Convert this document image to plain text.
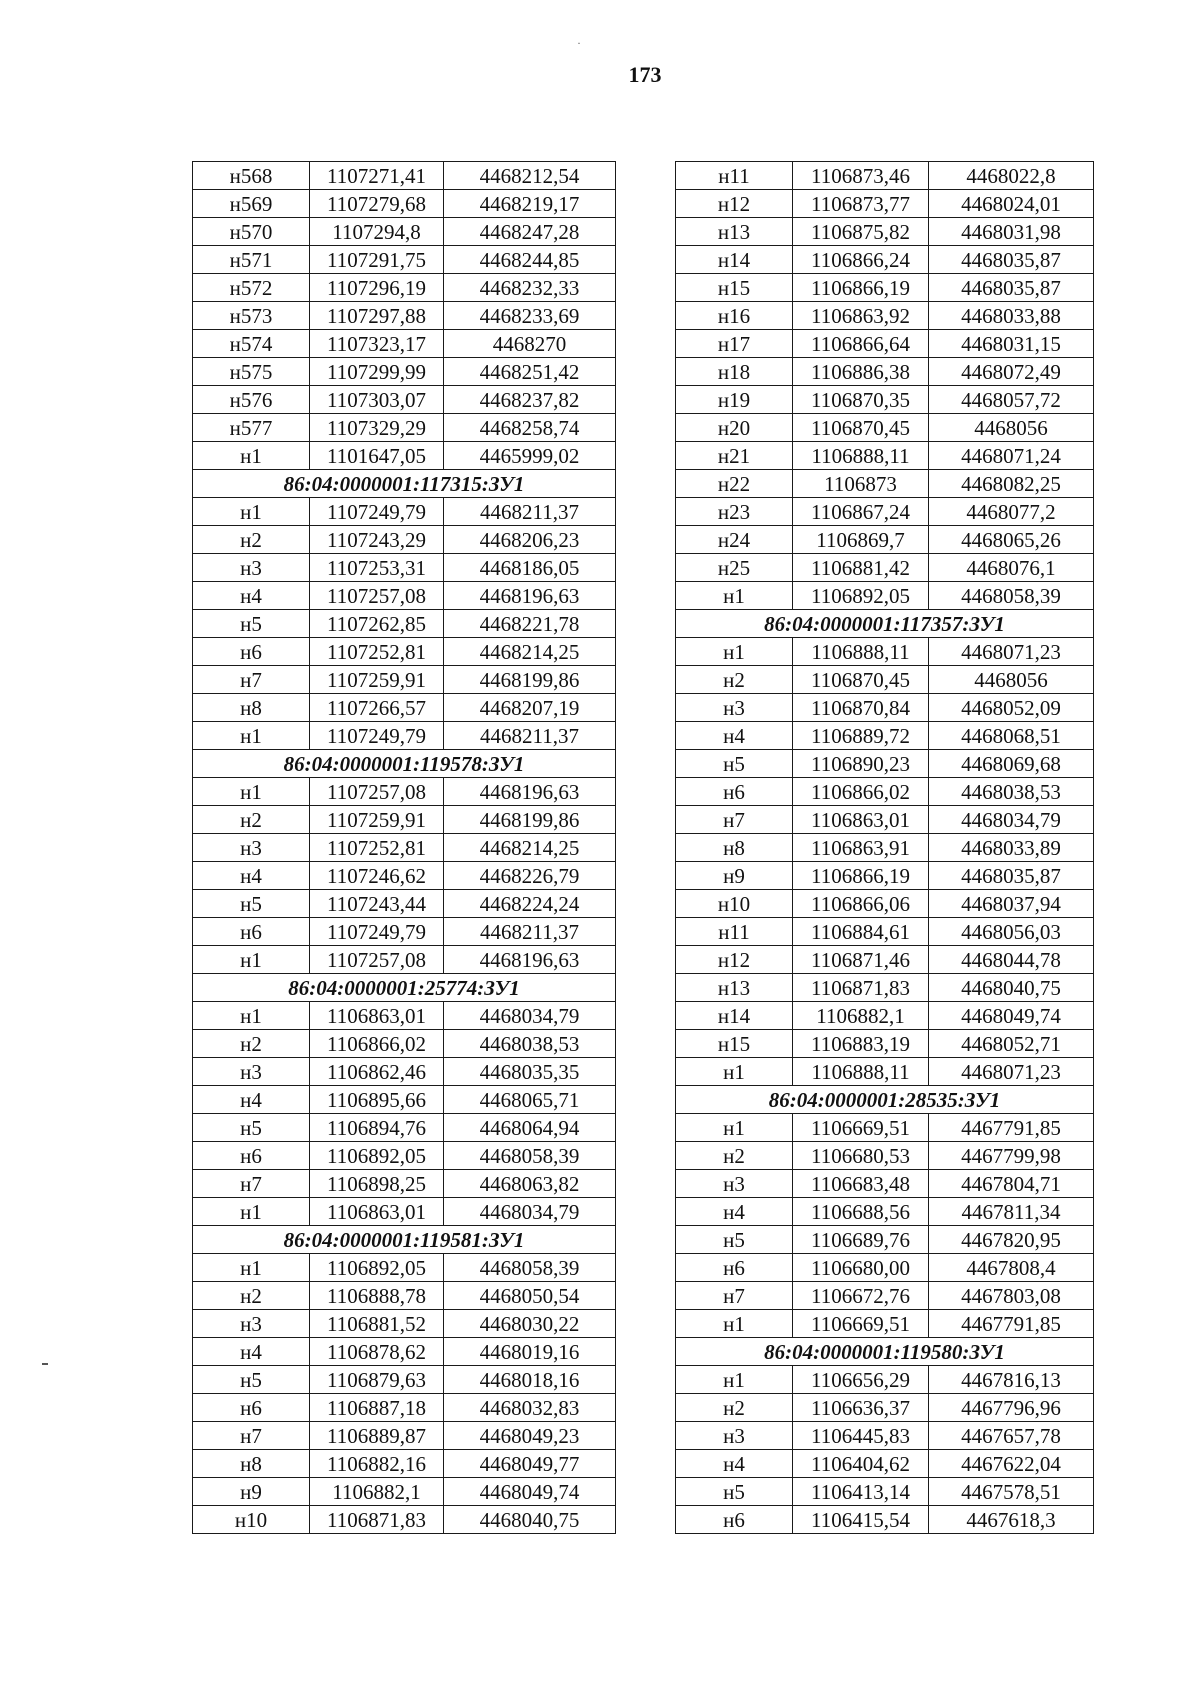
·
173
н568	1107271,41	4468212,54
н569	1107279,68	4468219,17
н570	1107294,8	4468247,28
н571	1107291,75	4468244,85
н572	1107296,19	4468232,33
н573	1107297,88	4468233,69
н574	1107323,17	4468270
н575	1107299,99	4468251,42
н576	1107303,07	4468237,82
н577	1107329,29	4468258,74
н1	1101647,05	4465999,02
86:04:0000001:117315:ЗУ1		
н1	1107249,79	4468211,37
н2	1107243,29	4468206,23
н3	1107253,31	4468186,05
н4	1107257,08	4468196,63
н5	1107262,85	4468221,78
н6	1107252,81	4468214,25
н7	1107259,91	4468199,86
н8	1107266,57	4468207,19
н1	1107249,79	4468211,37
86:04:0000001:119578:ЗУ1		
н1	1107257,08	4468196,63
н2	1107259,91	4468199,86
н3	1107252,81	4468214,25
н4	1107246,62	4468226,79
н5	1107243,44	4468224,24
н6	1107249,79	4468211,37
н1	1107257,08	4468196,63
86:04:0000001:25774:ЗУ1		
н1	1106863,01	4468034,79
н2	1106866,02	4468038,53
н3	1106862,46	4468035,35
н4	1106895,66	4468065,71
н5	1106894,76	4468064,94
н6	1106892,05	4468058,39
н7	1106898,25	4468063,82
н1	1106863,01	4468034,79
86:04:0000001:119581:ЗУ1		
н1	1106892,05	4468058,39
н2	1106888,78	4468050,54
н3	1106881,52	4468030,22
н4	1106878,62	4468019,16
н5	1106879,63	4468018,16
н6	1106887,18	4468032,83
н7	1106889,87	4468049,23
н8	1106882,16	4468049,77
н9	1106882,1	4468049,74
н10	1106871,83	4468040,75
н11	1106873,46	4468022,8
н12	1106873,77	4468024,01
н13	1106875,82	4468031,98
н14	1106866,24	4468035,87
н15	1106866,19	4468035,87
н16	1106863,92	4468033,88
н17	1106866,64	4468031,15
н18	1106886,38	4468072,49
н19	1106870,35	4468057,72
н20	1106870,45	4468056
н21	1106888,11	4468071,24
н22	1106873	4468082,25
н23	1106867,24	4468077,2
н24	1106869,7	4468065,26
н25	1106881,42	4468076,1
н1	1106892,05	4468058,39
86:04:0000001:117357:ЗУ1		
н1	1106888,11	4468071,23
н2	1106870,45	4468056
н3	1106870,84	4468052,09
н4	1106889,72	4468068,51
н5	1106890,23	4468069,68
н6	1106866,02	4468038,53
н7	1106863,01	4468034,79
н8	1106863,91	4468033,89
н9	1106866,19	4468035,87
н10	1106866,06	4468037,94
н11	1106884,61	4468056,03
н12	1106871,46	4468044,78
н13	1106871,83	4468040,75
н14	1106882,1	4468049,74
н15	1106883,19	4468052,71
н1	1106888,11	4468071,23
86:04:0000001:28535:ЗУ1		
н1	1106669,51	4467791,85
н2	1106680,53	4467799,98
н3	1106683,48	4467804,71
н4	1106688,56	4467811,34
н5	1106689,76	4467820,95
н6	1106680,00	4467808,4
н7	1106672,76	4467803,08
н1	1106669,51	4467791,85
86:04:0000001:119580:ЗУ1		
н1	1106656,29	4467816,13
н2	1106636,37	4467796,96
н3	1106445,83	4467657,78
н4	1106404,62	4467622,04
н5	1106413,14	4467578,51
н6	1106415,54	4467618,3
